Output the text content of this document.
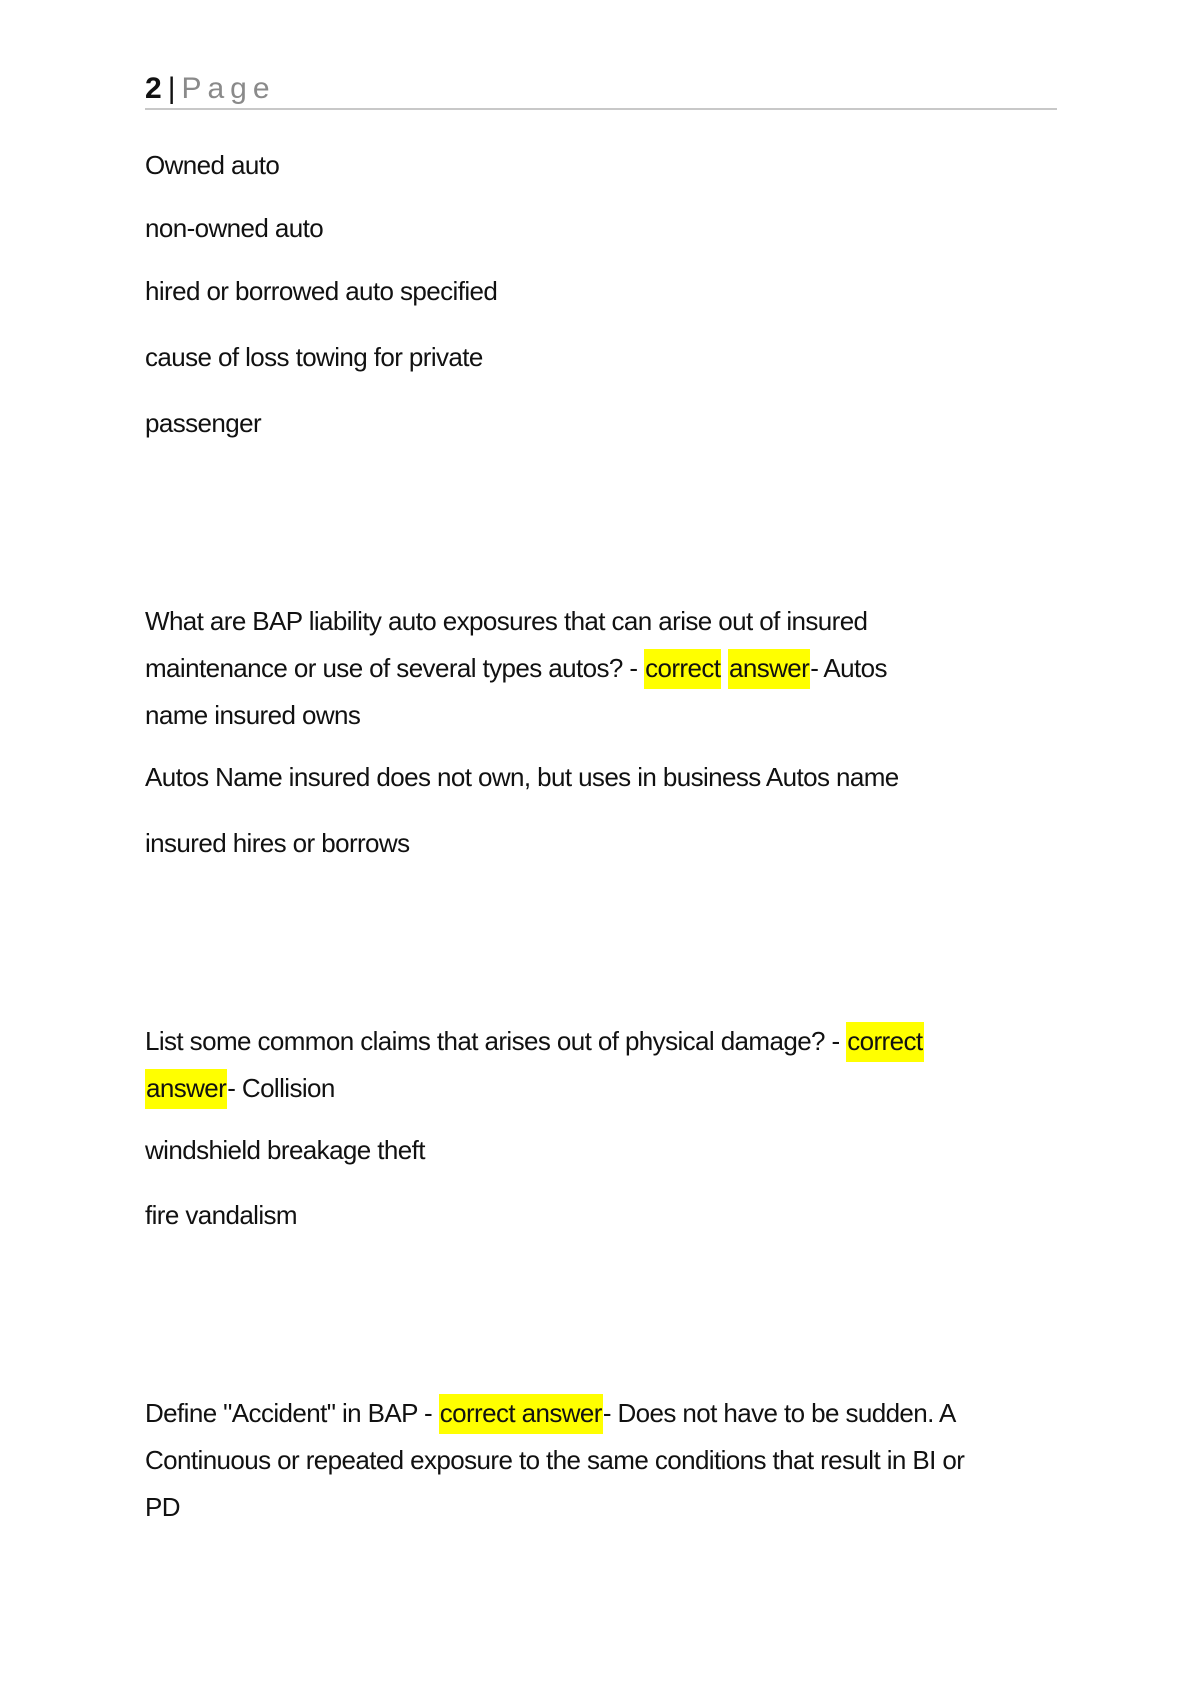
2 | Page
Owned auto
non-owned auto
hired or borrowed auto specified
cause of loss towing for private
passenger
What are BAP liability auto exposures that can arise out of insured
maintenance or use of several types autos? - correct answer- Autos
name insured owns
Autos Name insured does not own, but uses in business Autos name
insured hires or borrows
List some common claims that arises out of physical damage? - correct
answer- Collision
windshield breakage theft
fire vandalism
Define "Accident" in BAP - correct answer- Does not have to be sudden. A
Continuous or repeated exposure to the same conditions that result in BI or
PD
